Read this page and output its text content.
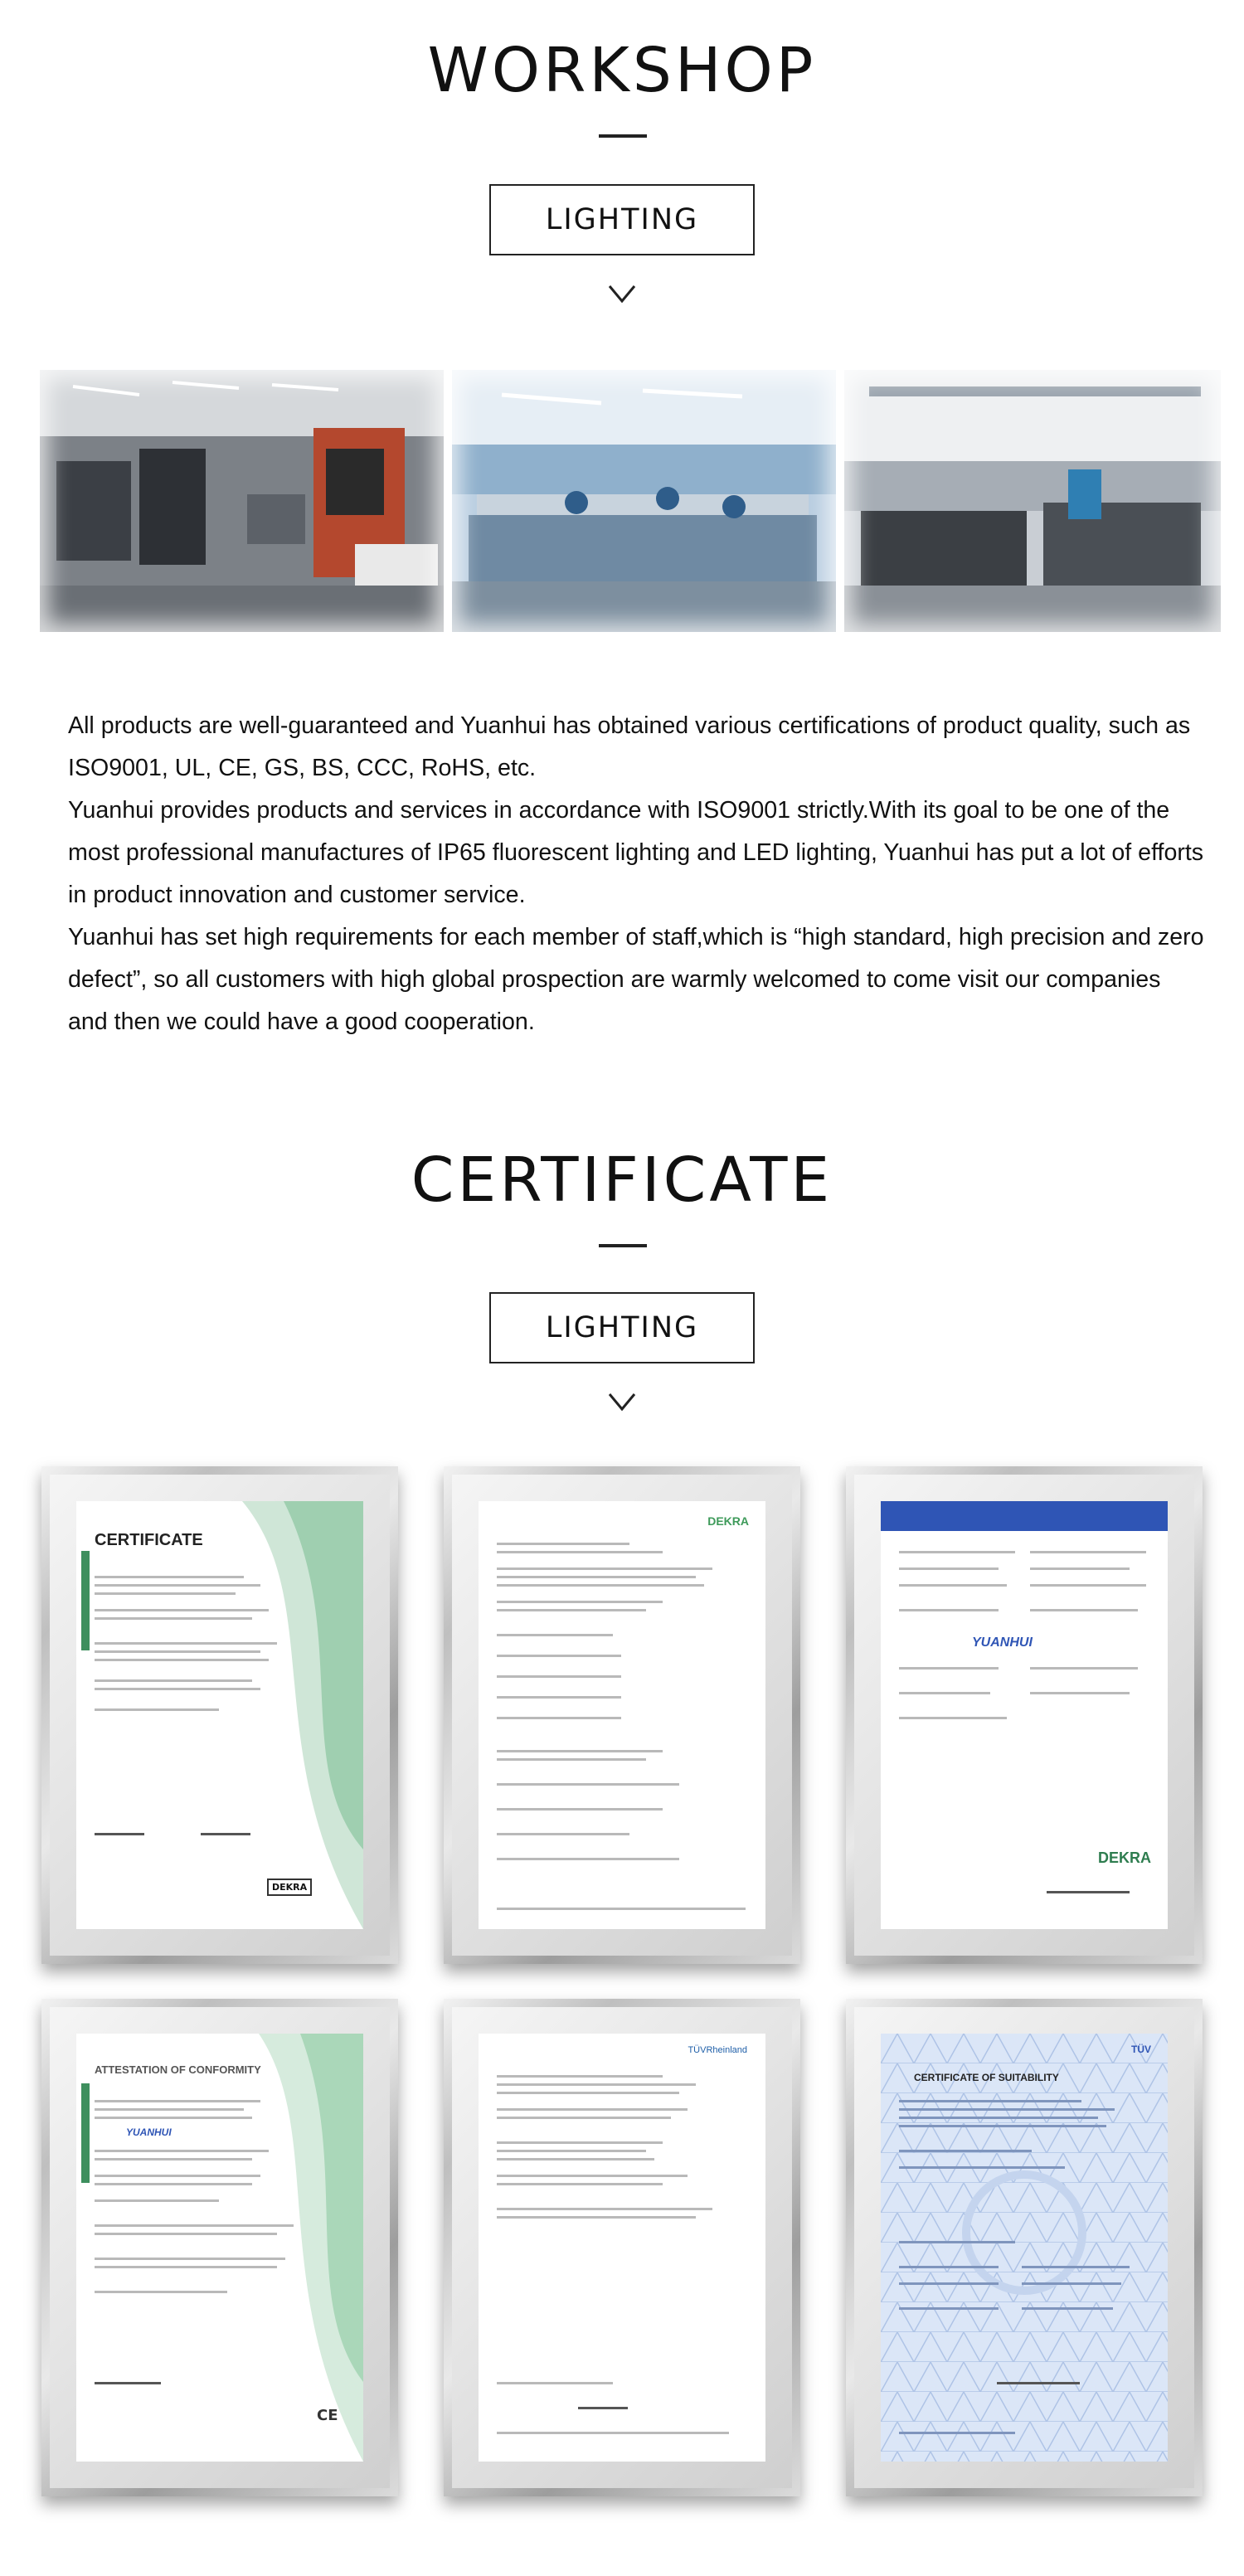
WORKSHOP
LIGHTING

All products are well-guaranteed and Yuanhui has obtained various certifications of product quality, such as ISO9001, UL, CE, GS, BS, CCC, RoHS, etc.

Yuanhui provides products and services in accordance with ISO9001 strictly.With its goal to be one of the most professional manufactures of IP65 fluorescent lighting and LED lighting, Yuanhui has put a lot of efforts in product innovation and customer service.

Yuanhui has set high requirements for each member of staff,which is “high standard, high precision and zero defect”, so all customers with high global prospection are warmly welcomed to come visit our companies and then we could have a good cooperation.

CERTIFICATE
LIGHTING
CERTIFICATE
DEKRA
DEKRA
YUANHUI
DEKRA
ATTESTATION OF CONFORMITY
YUANHUI
CE
TÜVRheinland	TÜV
CERTIFICATE OF SUITABILITY
